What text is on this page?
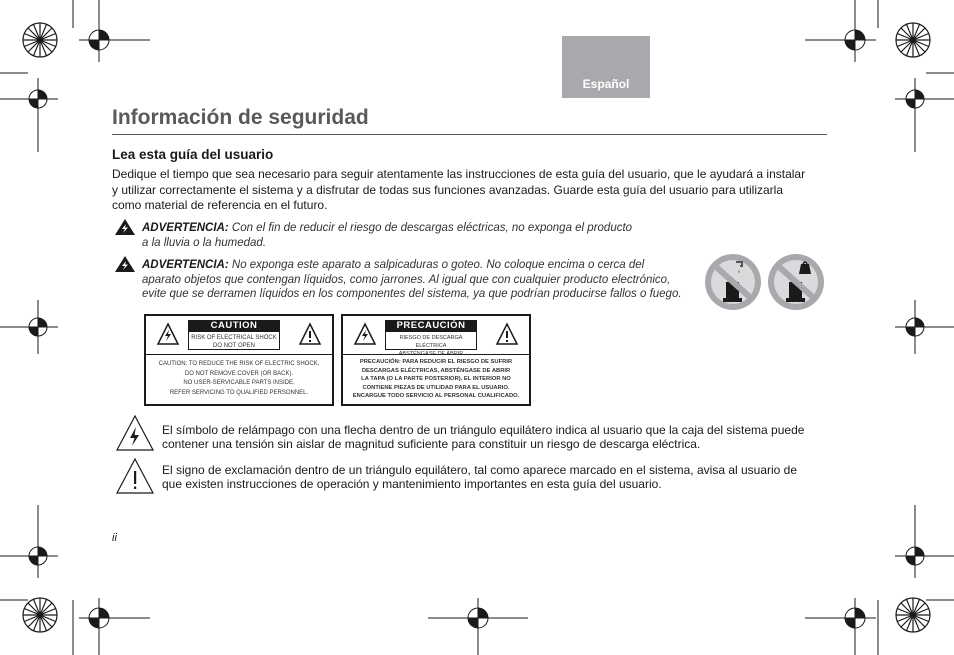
Español
Información de seguridad
Lea esta guía del usuario
Dedique el tiempo que sea necesario para seguir atentamente las instrucciones de esta guía del usuario, que le ayudará a instalar
y utilizar correctamente el sistema y a disfrutar de todas sus funciones avanzadas. Guarde esta guía del usuario para utilizarla
como material de referencia en el futuro.
ADVERTENCIA: Con el fin de reducir el riesgo de descargas eléctricas, no exponga el producto
a la lluvia o la humedad.
ADVERTENCIA: No exponga este aparato a salpicaduras o goteo. No coloque encima o cerca del
aparato objetos que contengan líquidos, como jarrones. Al igual que con cualquier producto electrónico,
evite que se derramen líquidos en los componentes del sistema, ya que podrían producirse fallos o fuego.
CAUTION
RISK OF ELECTRICAL SHOCK
DO NOT OPEN
CAUTION: TO REDUCE THE RISK OF ELECTRIC SHOCK,
DO NOT REMOVE COVER (OR BACK).
NO USER-SERVICABLE PARTS INSIDE.
REFER SERVICING TO QUALIFIED PERSONNEL.
PRECAUCIÓN
RIESGO DE DESCARGA ELÉCTRICA
ABSTÉNGASE DE ABRIR
PRECAUCIÓN: PARA REDUCIR EL RIESGO DE SUFRIR
DESCARGAS ELÉCTRICAS, ABSTÉNGASE DE ABRIR
LA TAPA (O LA PARTE POSTERIOR). EL INTERIOR NO
CONTIENE PIEZAS DE UTILIDAD PARA EL USUARIO.
ENCARGUE TODO SERVICIO AL PERSONAL CUALIFICADO.
El símbolo de relámpago con una flecha dentro de un triángulo equilátero indica al usuario que la caja del sistema puede
contener una tensión sin aislar de magnitud suficiente para constituir un riesgo de descarga eléctrica.
El signo de exclamación dentro de un triángulo equilátero, tal como aparece marcado en el sistema, avisa al usuario de
que existen instrucciones de operación y mantenimiento importantes en esta guía del usuario.
ii
